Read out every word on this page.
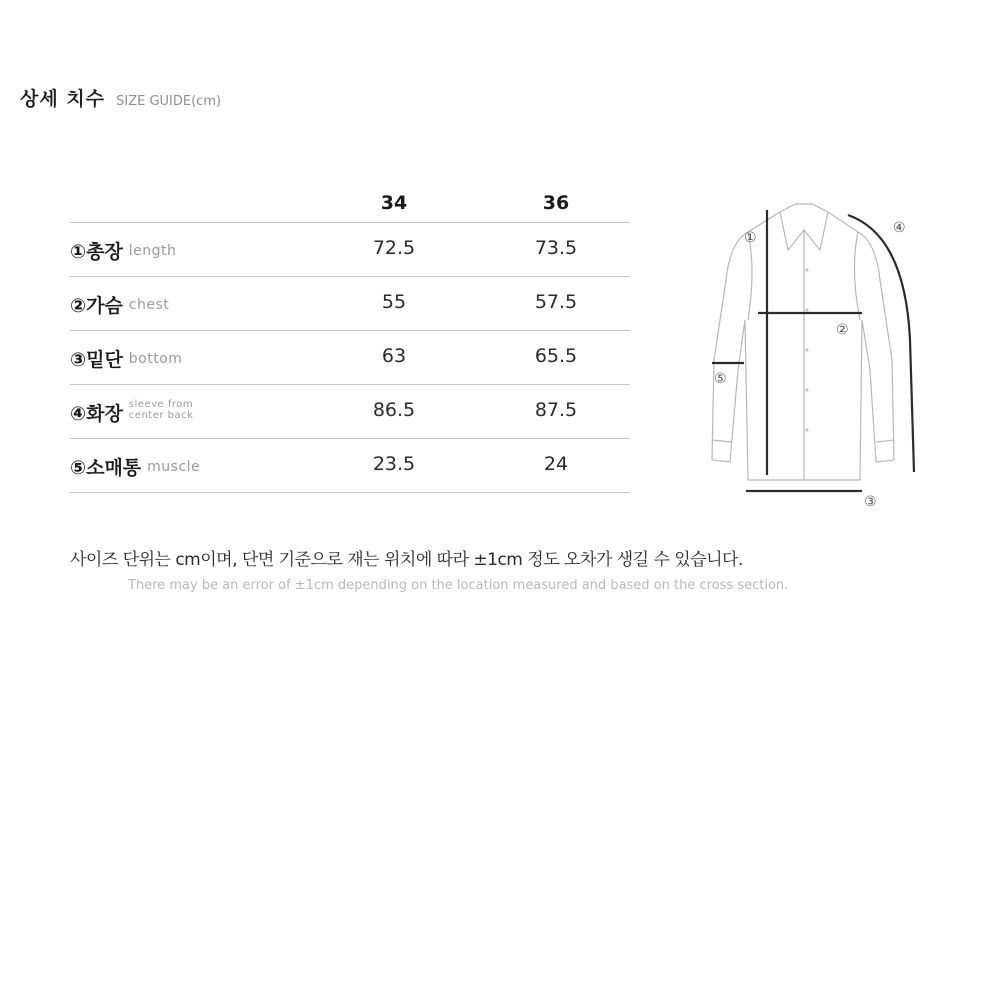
상세 치수 SIZE GUIDE(cm)
34	36
①총장 length	72.5	73.5
②가슴 chest	55	57.5
③밑단 bottom	63	65.5
④화장 sleeve from
center back	86.5	87.5
⑤소매통 muscle	23.5	24
①
②
③
④
⑤
사이즈 단위는 cm이며, 단면 기준으로 재는 위치에 따라 ±1cm 정도 오차가 생길 수 있습니다.
There may be an error of ±1cm depending on the location measured and based on the cross section.
